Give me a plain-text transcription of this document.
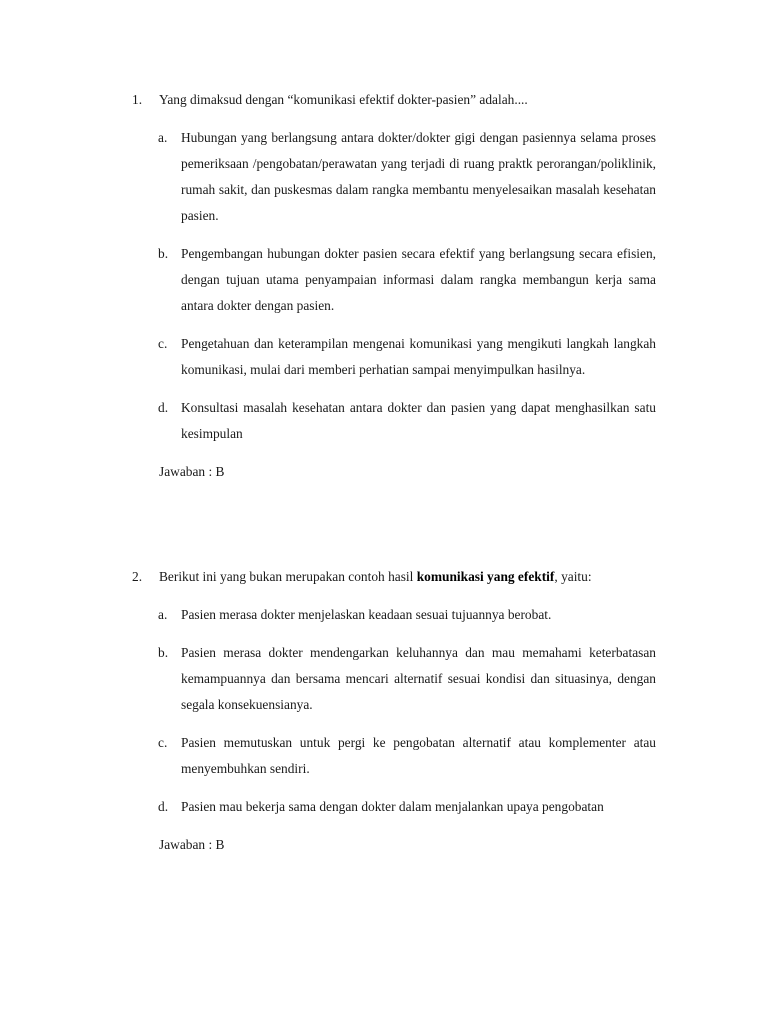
1. Yang dimaksud dengan “komunikasi efektif dokter-pasien” adalah....
a. Hubungan yang berlangsung antara dokter/dokter gigi dengan pasiennya selama proses pemeriksaan /pengobatan/perawatan yang terjadi di ruang praktk perorangan/poliklinik, rumah sakit, dan puskesmas dalam rangka membantu menyelesaikan masalah kesehatan pasien.
b. Pengembangan hubungan dokter pasien secara efektif yang berlangsung secara efisien, dengan tujuan utama penyampaian informasi dalam rangka membangun kerja sama antara dokter dengan pasien.
c. Pengetahuan dan keterampilan mengenai komunikasi yang mengikuti langkah langkah komunikasi, mulai dari memberi perhatian sampai menyimpulkan hasilnya.
d. Konsultasi masalah kesehatan antara dokter dan pasien yang dapat menghasilkan satu kesimpulan
Jawaban : B
2. Berikut ini yang bukan merupakan contoh hasil komunikasi yang efektif, yaitu:
a. Pasien merasa dokter menjelaskan keadaan sesuai tujuannya berobat.
b. Pasien merasa dokter mendengarkan keluhannya dan mau memahami keterbatasan kemampuannya dan bersama mencari alternatif sesuai kondisi dan situasinya, dengan segala konsekuensianya.
c. Pasien memutuskan untuk pergi ke pengobatan alternatif atau komplementer atau menyembuhkan sendiri.
d. Pasien mau bekerja sama dengan dokter dalam menjalankan upaya pengobatan
Jawaban : B
